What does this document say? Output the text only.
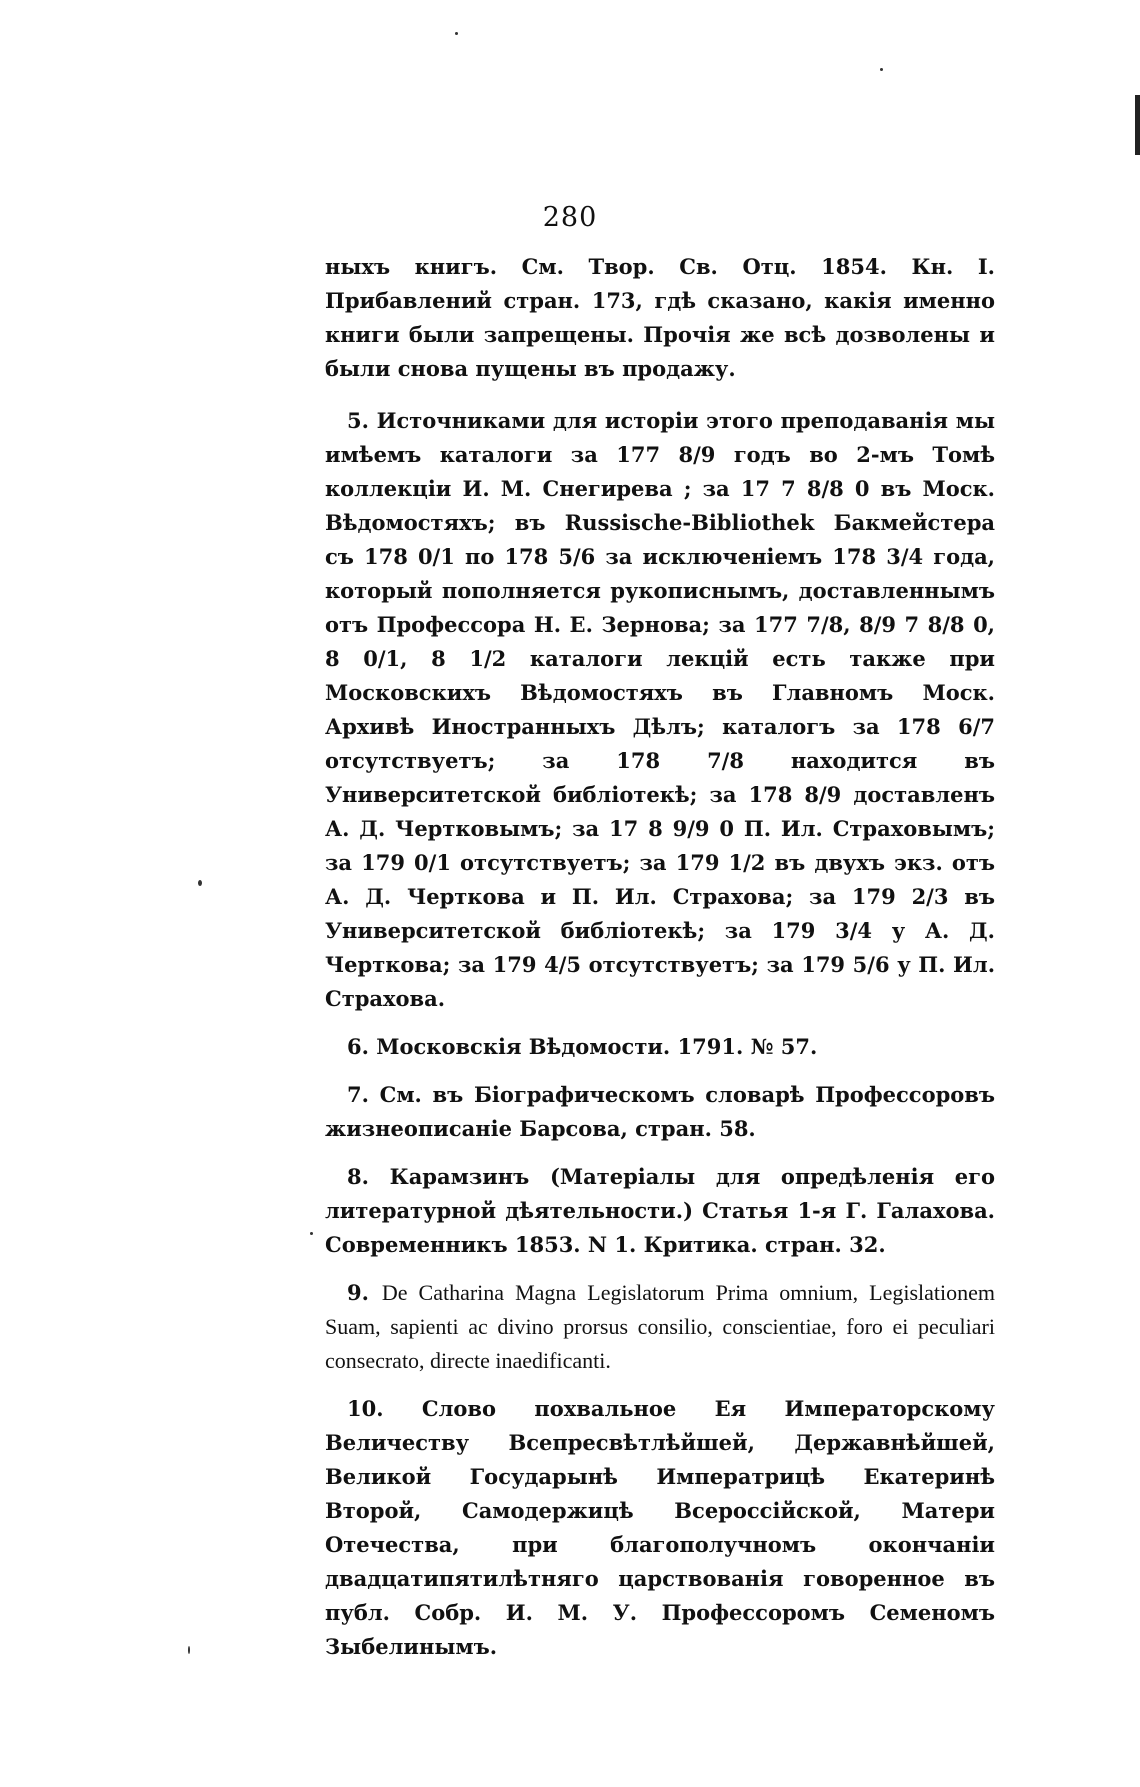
280

ныхъ книгъ. См. Твор. Св. Отц. 1854. Кн. I. Прибавлений стран. 173, гдѣ сказано, какія именно книги были запрещены. Прочія же всѣ дозволены и были снова пущены въ продажу.

5. Источниками для исторіи этого преподаванія мы имѣемъ каталоги за 177 8/9 годъ во 2-мъ Томѣ коллекціи И. М. Снегирева ; за 17 7 8/8 0 въ Моск. Вѣдомостяхъ; въ Russische-Bibliothek Бакмейстера съ 178 0/1 по 178 5/6 за исключеніемъ 178 3/4 года, который пополняется рукописнымъ, доставленнымъ отъ Профессора Н. Е. Зернова; за 177 7/8, 8/9 7 8/8 0, 8 0/1, 8 1/2 каталоги лекцій есть также при Московскихъ Вѣдомостяхъ въ Главномъ Моск. Архивѣ Иностранныхъ Дѣлъ; каталогъ за 178 6/7 отсутствуетъ; за 178 7/8 находится въ Университетской библіотекѣ; за 178 8/9 доставленъ А. Д. Чертковымъ; за 17 8 9/9 0 П. Ил. Страховымъ; за 179 0/1 отсутствуетъ; за 179 1/2 въ двухъ экз. отъ А. Д. Черткова и П. Ил. Страхова; за 179 2/3 въ Университетской библіотекѣ; за 179 3/4 у А. Д. Черткова; за 179 4/5 отсутствуетъ; за 179 5/6 у П. Ил. Страхова.

6. Московскія Вѣдомости. 1791. № 57.

7. См. въ Біографическомъ словарѣ Профессоровъ жизнеописаніе Барсова, стран. 58.

8. Карамзинъ (Матеріалы для опредѣленія его литературной дѣятельности.) Статья 1-я Г. Галахова. Современникъ 1853. N 1. Критика. стран. 32.

9. De Catharina Magna Legislatorum Prima omnium, Legislationem Suam, sapienti ac divino prorsus consilio, conscientiae, foro ei peculiari consecrato, directe inaedificanti.

10. Слово похвальное Ея Императорскому Величеству Всепресвѣтлѣйшей, Державнѣйшей, Великой Государынѣ Императрицѣ Екатеринѣ Второй, Самодержицѣ Всероссійской, Матери Отечества, при благополучномъ окончаніи двадцатипятилѣтняго царствованія говоренное въ публ. Собр. И. М. У. Профессоромъ Семеномъ Зыбелинымъ.
